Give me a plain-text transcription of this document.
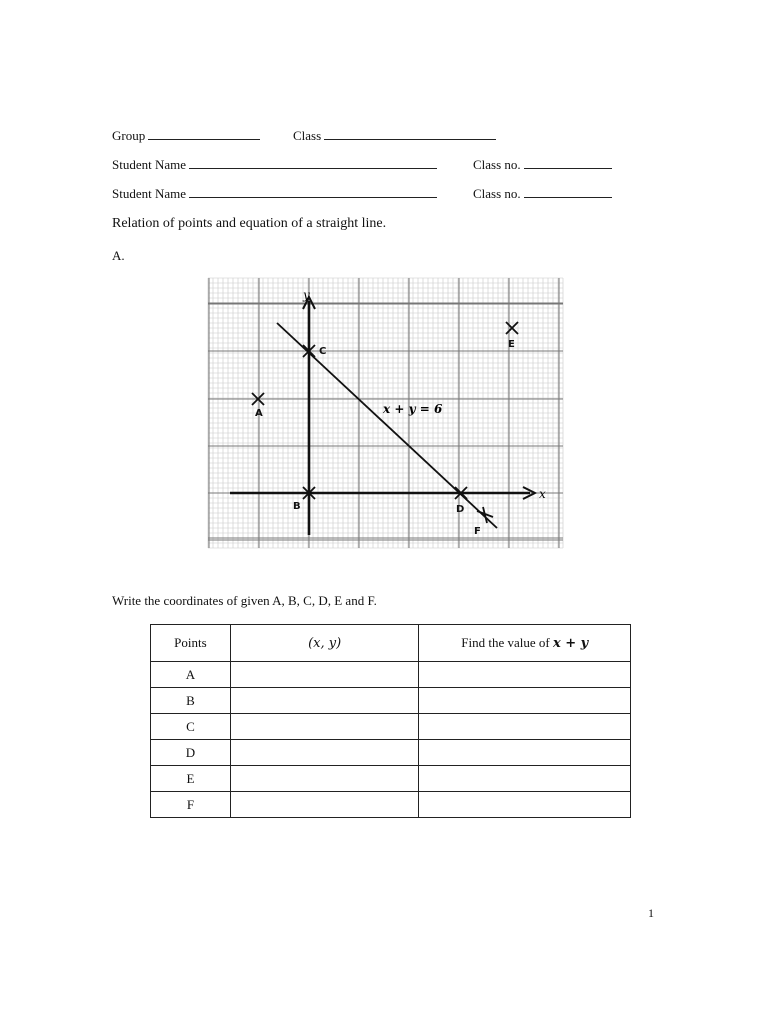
Group	Class
Student Name	Class no.
Student Name	Class no.
Relation of points and equation of a straight line.
A.
x
y
x + y = 6
A
B
C
D
E
F
Write the coordinates of given A, B, C, D, E and F.
Points	(x, y)	Find the value of x + y
A		
B		
C		
D		
E		
F		
1
